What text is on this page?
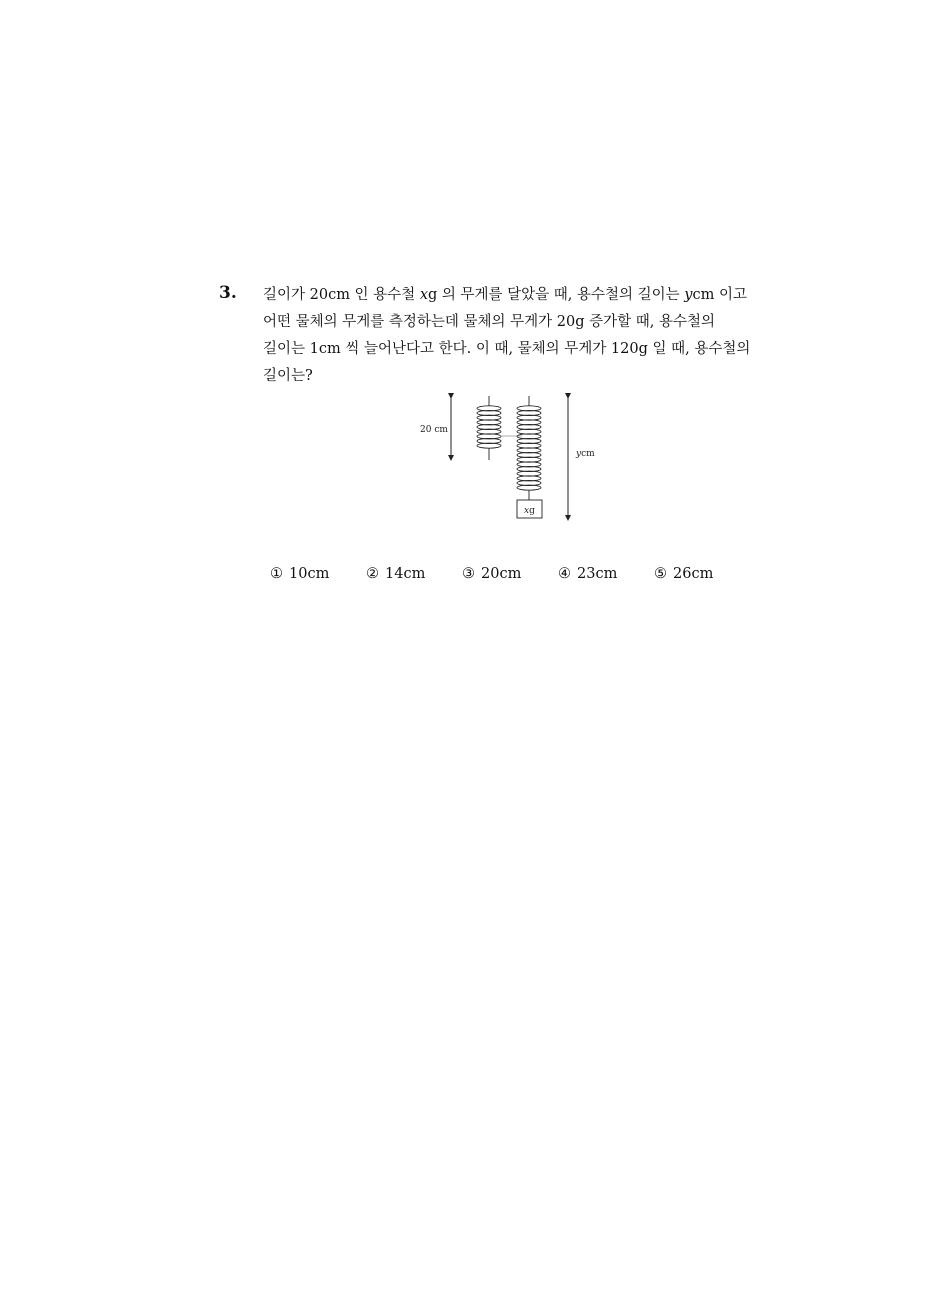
3. 길이가 20cm 인 용수철 xg 의 무게를 달았을 때, 용수철의 길이는 ycm 이고

어떤 물체의 무게를 측정하는데 물체의 무게가 20g 증가할 때, 용수철의

길이는 1cm 씩 늘어난다고 한다. 이 때, 물체의 무게가 120g 일 때, 용수철의

길이는?

20 cm
xg
ycm
① 10cm	② 14cm	③ 20cm	④ 23cm	⑤ 26cm
